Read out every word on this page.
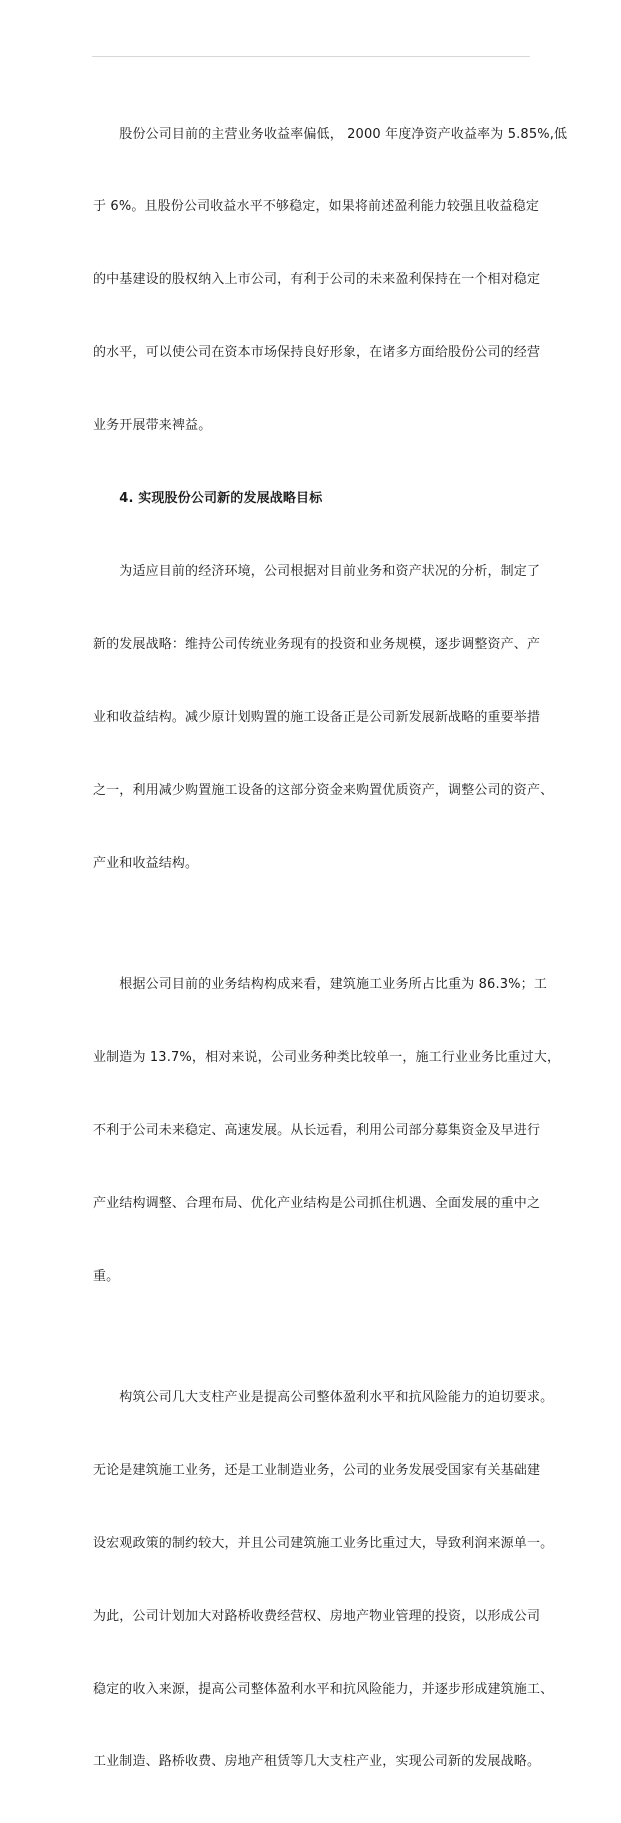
　　股份公司目前的主营业务收益率偏低， 2000 年度净资产收益率为 5.85%,低

于 6%。且股份公司收益水平不够稳定，如果将前述盈利能力较强且收益稳定

的中基建设的股权纳入上市公司，有利于公司的未来盈利保持在一个相对稳定

的水平，可以使公司在资本市场保持良好形象，在诸多方面给股份公司的经营

业务开展带来裨益。

　　4. 实现股份公司新的发展战略目标

　　为适应目前的经济环境，公司根据对目前业务和资产状况的分析，制定了

新的发展战略：维持公司传统业务现有的投资和业务规模，逐步调整资产、产

业和收益结构。减少原计划购置的施工设备正是公司新发展新战略的重要举措

之一，利用减少购置施工设备的这部分资金来购置优质资产，调整公司的资产、

产业和收益结构。

　　根据公司目前的业务结构构成来看，建筑施工业务所占比重为 86.3%；工

业制造为 13.7%，相对来说，公司业务种类比较单一，施工行业业务比重过大，

不利于公司未来稳定、高速发展。从长远看，利用公司部分募集资金及早进行

产业结构调整、合理布局、优化产业结构是公司抓住机遇、全面发展的重中之

重。

　　构筑公司几大支柱产业是提高公司整体盈利水平和抗风险能力的迫切要求。

无论是建筑施工业务，还是工业制造业务，公司的业务发展受国家有关基础建

设宏观政策的制约较大，并且公司建筑施工业务比重过大，导致利润来源单一。

为此，公司计划加大对路桥收费经营权、房地产物业管理的投资，以形成公司

稳定的收入来源，提高公司整体盈利水平和抗风险能力，并逐步形成建筑施工、

工业制造、路桥收费、房地产租赁等几大支柱产业，实现公司新的发展战略。
